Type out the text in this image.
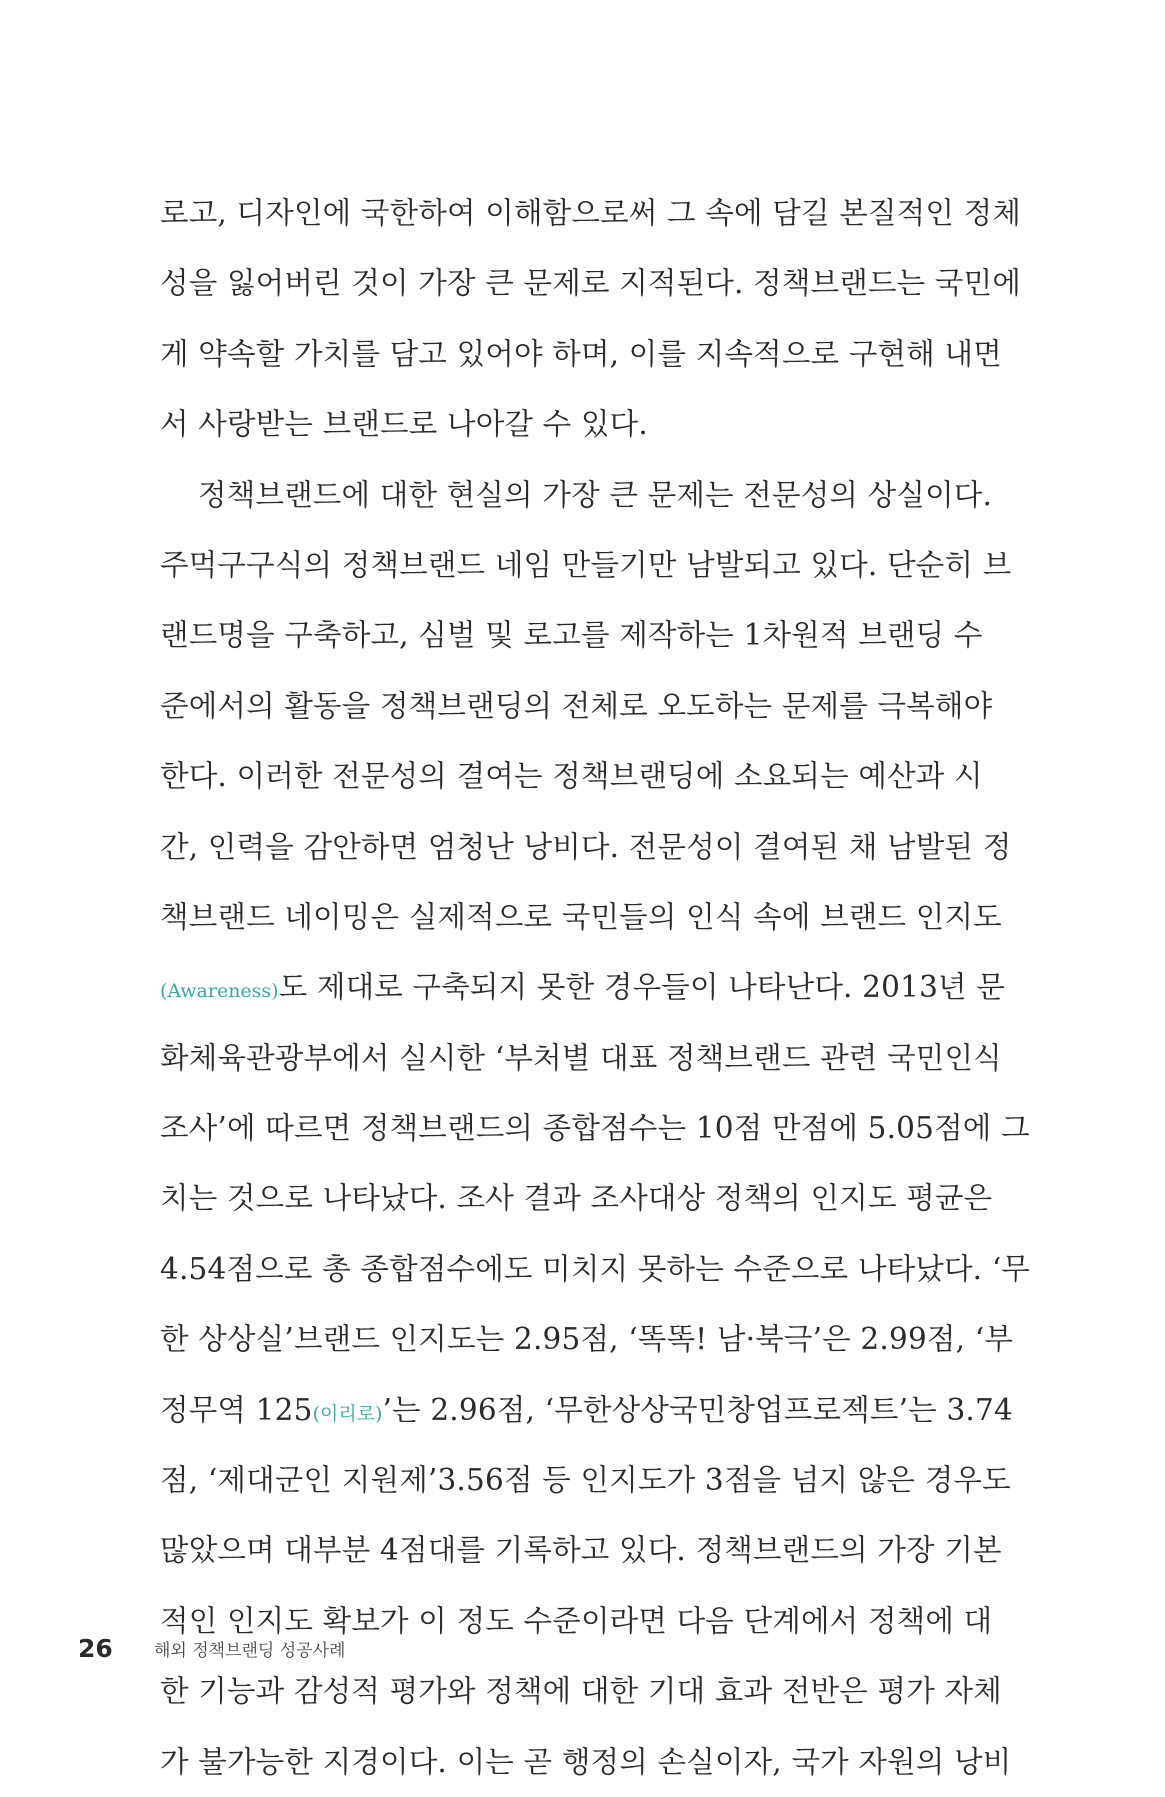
로고, 디자인에 국한하여 이해함으로써 그 속에 담길 본질적인 정체
성을 잃어버린 것이 가장 큰 문제로 지적된다. 정책브랜드는 국민에
게 약속할 가치를 담고 있어야 하며, 이를 지속적으로 구현해 내면
서 사랑받는 브랜드로 나아갈 수 있다.
정책브랜드에 대한 현실의 가장 큰 문제는 전문성의 상실이다.
주먹구구식의 정책브랜드 네임 만들기만 남발되고 있다. 단순히 브
랜드명을 구축하고, 심벌 및 로고를 제작하는 1차원적 브랜딩 수
준에서의 활동을 정책브랜딩의 전체로 오도하는 문제를 극복해야
한다. 이러한 전문성의 결여는 정책브랜딩에 소요되는 예산과 시
간, 인력을 감안하면 엄청난 낭비다. 전문성이 결여된 채 남발된 정
책브랜드 네이밍은 실제적으로 국민들의 인식 속에 브랜드 인지도
(Awareness)도 제대로 구축되지 못한 경우들이 나타난다. 2013년 문
화체육관광부에서 실시한 ‘부처별 대표 정책브랜드 관련 국민인식
조사’에 따르면 정책브랜드의 종합점수는 10점 만점에 5.05점에 그
치는 것으로 나타났다. 조사 결과 조사대상 정책의 인지도 평균은
4.54점으로 총 종합점수에도 미치지 못하는 수준으로 나타났다. ‘무
한 상상실’브랜드 인지도는 2.95점, ‘똑똑! 남·북극’은 2.99점, ‘부
정무역 125(이리로)’는 2.96점, ‘무한상상국민창업프로젝트’는 3.74
점, ‘제대군인 지원제’3.56점 등 인지도가 3점을 넘지 않은 경우도
많았으며 대부분 4점대를 기록하고 있다. 정책브랜드의 가장 기본
적인 인지도 확보가 이 정도 수준이라면 다음 단계에서 정책에 대
한 기능과 감성적 평가와 정책에 대한 기대 효과 전반은 평가 자체
가 불가능한 지경이다. 이는 곧 행정의 손실이자, 국가 자원의 낭비
26	해외 정책브랜딩 성공사례
